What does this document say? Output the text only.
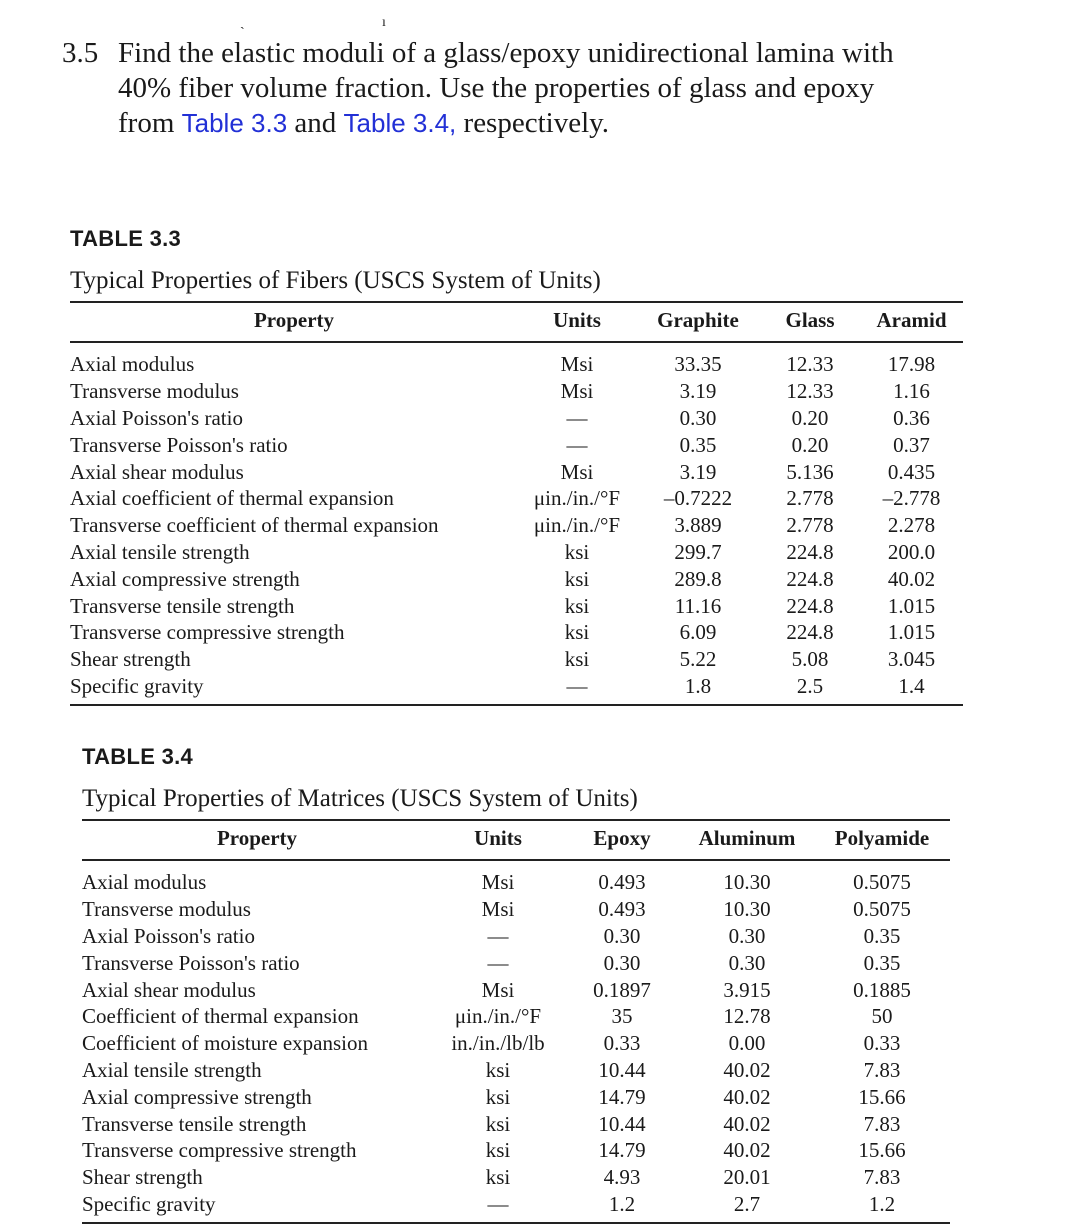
ˏ	ı
3.5 Find the elastic moduli of a glass/epoxy unidirectional lamina with
40% fiber volume fraction. Use the properties of glass and epoxy
from Table 3.3 and Table 3.4, respectively.
TABLE 3.3
Typical Properties of Fibers (USCS System of Units)
Property	Units	Graphite	Glass	Aramid
Axial modulus	Msi	33.35	12.33	17.98
Transverse modulus	Msi	3.19	12.33	1.16
Axial Poisson's ratio	—	0.30	0.20	0.36
Transverse Poisson's ratio	—	0.35	0.20	0.37
Axial shear modulus	Msi	3.19	5.136	0.435
Axial coefficient of thermal expansion	μin./in./°F	–0.7222	2.778	–2.778
Transverse coefficient of thermal expansion	μin./in./°F	3.889	2.778	2.278
Axial tensile strength	ksi	299.7	224.8	200.0
Axial compressive strength	ksi	289.8	224.8	40.02
Transverse tensile strength	ksi	11.16	224.8	1.015
Transverse compressive strength	ksi	6.09	224.8	1.015
Shear strength	ksi	5.22	5.08	3.045
Specific gravity	—	1.8	2.5	1.4
TABLE 3.4
Typical Properties of Matrices (USCS System of Units)
Property	Units	Epoxy	Aluminum	Polyamide
Axial modulus	Msi	0.493	10.30	0.5075
Transverse modulus	Msi	0.493	10.30	0.5075
Axial Poisson's ratio	—	0.30	0.30	0.35
Transverse Poisson's ratio	—	0.30	0.30	0.35
Axial shear modulus	Msi	0.1897	3.915	0.1885
Coefficient of thermal expansion	μin./in./°F	35	12.78	50
Coefficient of moisture expansion	in./in./lb/lb	0.33	0.00	0.33
Axial tensile strength	ksi	10.44	40.02	7.83
Axial compressive strength	ksi	14.79	40.02	15.66
Transverse tensile strength	ksi	10.44	40.02	7.83
Transverse compressive strength	ksi	14.79	40.02	15.66
Shear strength	ksi	4.93	20.01	7.83
Specific gravity	—	1.2	2.7	1.2
